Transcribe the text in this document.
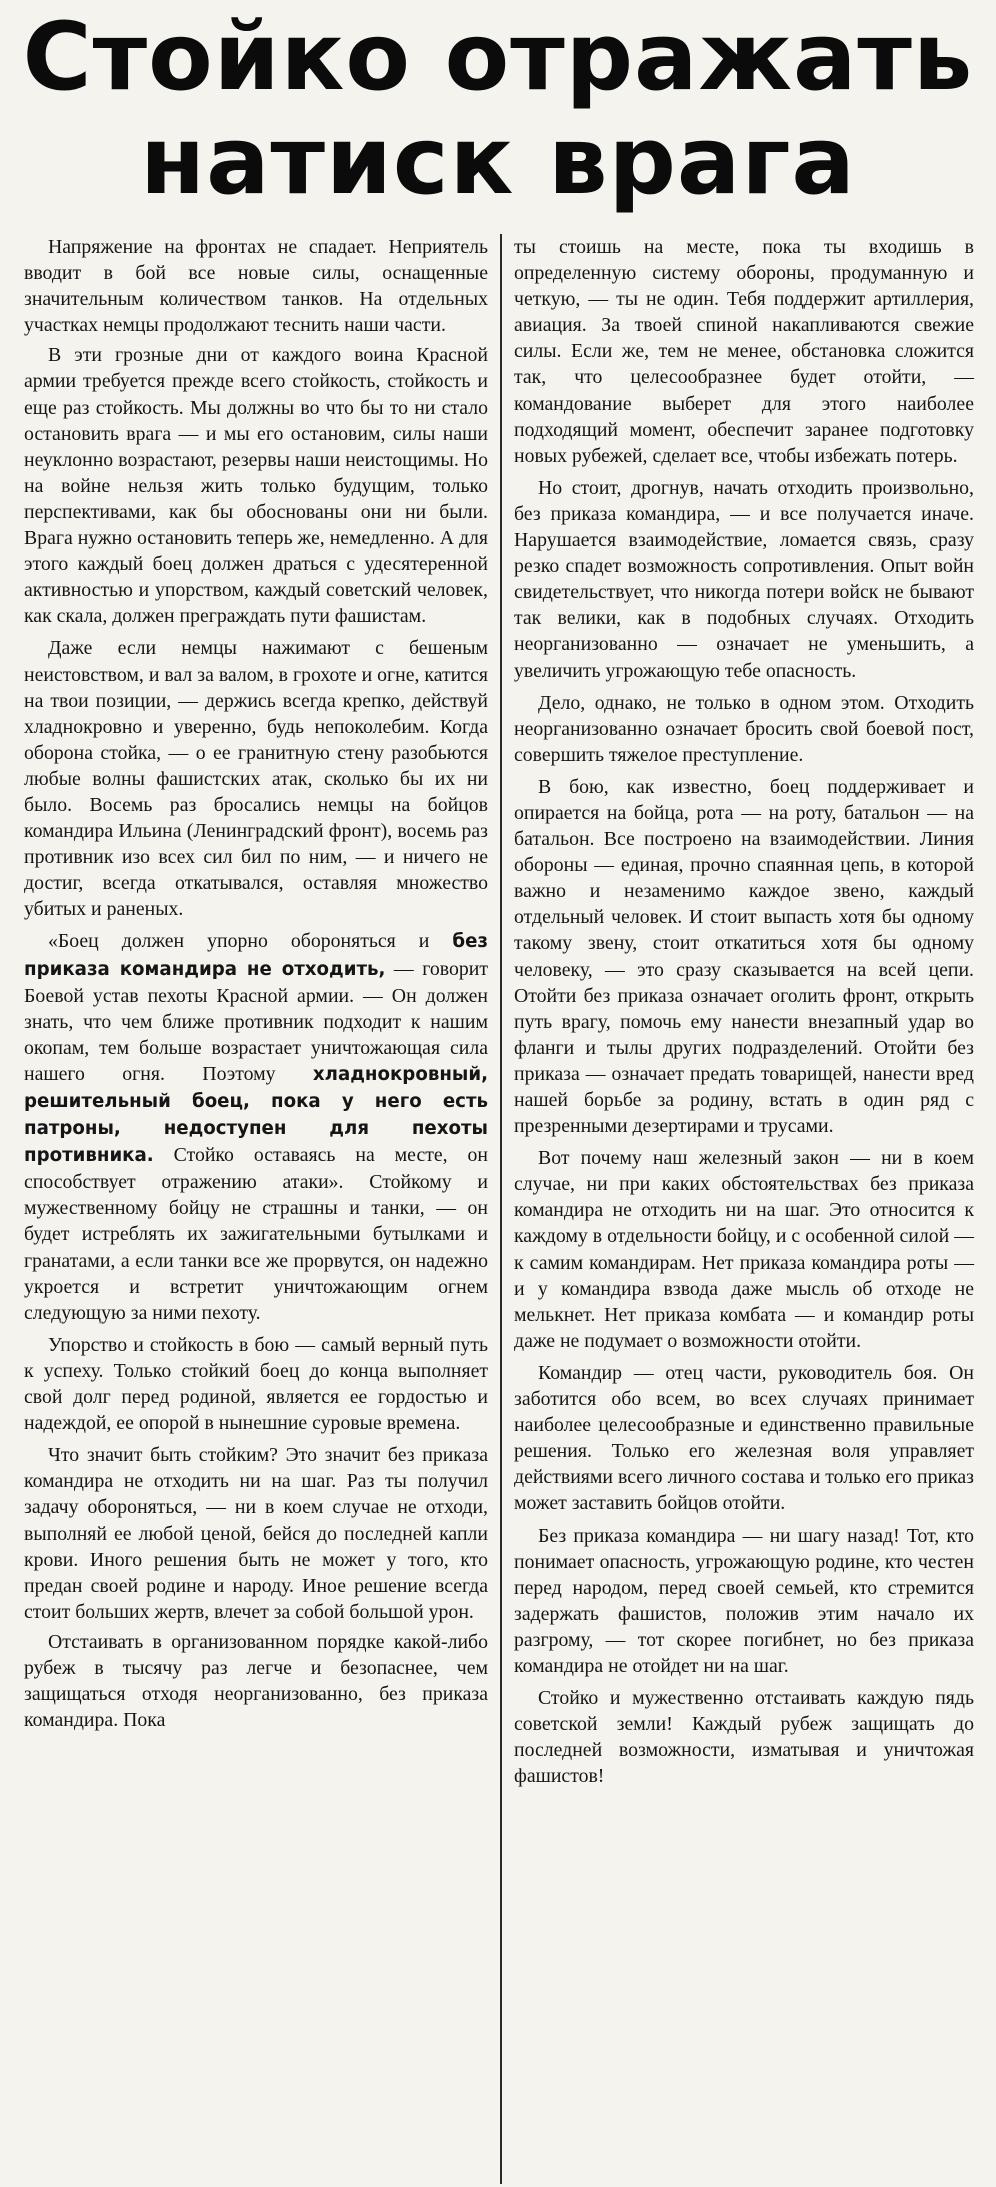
Стойко отражать
натиск врага

Напряжение на фронтах не спадает. Неприятель вводит в бой все новые силы, оснащенные значительным количеством танков. На отдельных участках немцы продолжают теснить наши части.

В эти грозные дни от каждого воина Красной армии требуется прежде всего стойкость, стойкость и еще раз стойкость. Мы должны во что бы то ни стало остановить врага — и мы его остановим, силы наши неуклонно возрастают, резервы наши неистощимы. Но на войне нельзя жить только будущим, только перспективами, как бы обоснованы они ни были. Врага нужно остановить теперь же, немедленно. А для этого каждый боец должен драться с удесятеренной активностью и упорством, каждый советский человек, как скала, должен преграждать пути фашистам.

Даже если немцы нажимают с бешеным неистовством, и вал за валом, в грохоте и огне, катится на твои позиции, — держись всегда крепко, действуй хладнокровно и уверенно, будь непоколебим. Когда оборона стойка, — о ее гранитную стену разобьются любые волны фашистских атак, сколько бы их ни было. Восемь раз бросались немцы на бойцов командира Ильина (Ленинградский фронт), восемь раз противник изо всех сил бил по ним, — и ничего не достиг, всегда откатывался, оставляя множество убитых и раненых.

«Боец должен упорно обороняться и без приказа командира не отходить, — говорит Боевой устав пехоты Красной армии. — Он должен знать, что чем ближе противник подходит к нашим окопам, тем больше возрастает уничтожающая сила нашего огня. Поэтому хладнокровный, решительный боец, пока у него есть патроны, недоступен для пехоты противника. Стойко оставаясь на месте, он способствует отражению атаки». Стойкому и мужественному бойцу не страшны и танки, — он будет истреблять их зажигательными бутылками и гранатами, а если танки все же прорвутся, он надежно укроется и встретит уничтожающим огнем следующую за ними пехоту.

Упорство и стойкость в бою — самый верный путь к успеху. Только стойкий боец до конца выполняет свой долг перед родиной, является ее гордостью и надеждой, ее опорой в нынешние суровые времена.

Что значит быть стойким? Это значит без приказа командира не отходить ни на шаг. Раз ты получил задачу обороняться, — ни в коем случае не отходи, выполняй ее любой ценой, бейся до последней капли крови. Иного решения быть не может у того, кто предан своей родине и народу. Иное решение всегда стоит больших жертв, влечет за собой большой урон.

Отстаивать в организованном порядке какой-либо рубеж в тысячу раз легче и безопаснее, чем защищаться отходя неорганизованно, без приказа командира. Пока

ты стоишь на месте, пока ты входишь в определенную систему обороны, продуманную и четкую, — ты не один. Тебя поддержит артиллерия, авиация. За твоей спиной накапливаются свежие силы. Если же, тем не менее, обстановка сложится так, что целесообразнее будет отойти, — командование выберет для этого наиболее подходящий момент, обеспечит заранее подготовку новых рубежей, сделает все, чтобы избежать потерь.

Но стоит, дрогнув, начать отходить произвольно, без приказа командира, — и все получается иначе. Нарушается взаимодействие, ломается связь, сразу резко спадет возможность сопротивления. Опыт войн свидетельствует, что никогда потери войск не бывают так велики, как в подобных случаях. Отходить неорганизованно — означает не уменьшить, а увеличить угрожающую тебе опасность.

Дело, однако, не только в одном этом. Отходить неорганизованно означает бросить свой боевой пост, совершить тяжелое преступление.

В бою, как известно, боец поддерживает и опирается на бойца, рота — на роту, батальон — на батальон. Все построено на взаимодействии. Линия обороны — единая, прочно спаянная цепь, в которой важно и незаменимо каждое звено, каждый отдельный человек. И стоит выпасть хотя бы одному такому звену, стоит откатиться хотя бы одному человеку, — это сразу сказывается на всей цепи. Отойти без приказа означает оголить фронт, открыть путь врагу, помочь ему нанести внезапный удар во фланги и тылы других подразделений. Отойти без приказа — означает предать товарищей, нанести вред нашей борьбе за родину, встать в один ряд с презренными дезертирами и трусами.

Вот почему наш железный закон — ни в коем случае, ни при каких обстоятельствах без приказа командира не отходить ни на шаг. Это относится к каждому в отдельности бойцу, и с особенной силой — к самим командирам. Нет приказа командира роты — и у командира взвода даже мысль об отходе не мелькнет. Нет приказа комбата — и командир роты даже не подумает о возможности отойти.

Командир — отец части, руководитель боя. Он заботится обо всем, во всех случаях принимает наиболее целесообразные и единственно правильные решения. Только его железная воля управляет действиями всего личного состава и только его приказ может заставить бойцов отойти.

Без приказа командира — ни шагу назад! Тот, кто понимает опасность, угрожающую родине, кто честен перед народом, перед своей семьей, кто стремится задержать фашистов, положив этим начало их разгрому, — тот скорее погибнет, но без приказа командира не отойдет ни на шаг.

Стойко и мужественно отстаивать каждую пядь советской земли! Каждый рубеж защищать до последней возможности, изматывая и уничтожая фашистов!
